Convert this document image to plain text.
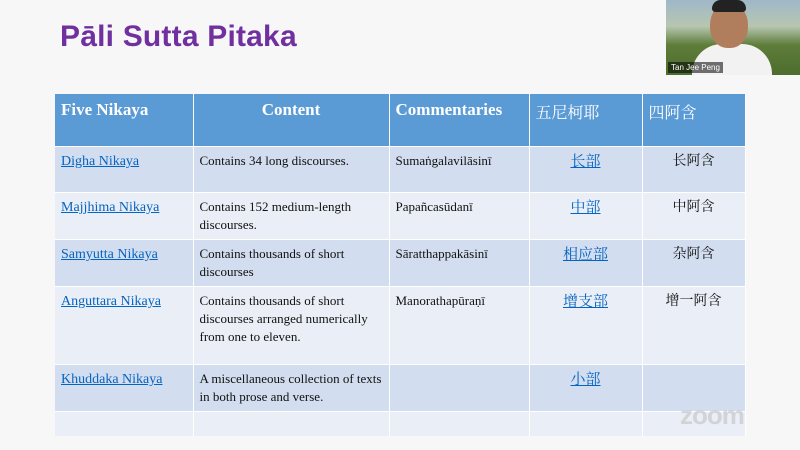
Pāli Sutta Pitaka
Five Nikaya	Content	Commentaries	五尼柯耶	四阿含
Digha Nikaya	Contains 34 long discourses.	Sumaṅgalavilāsinī	长部	长阿含
Majjhima Nikaya	Contains 152 medium-length discourses.	Papañcasūdanī	中部	中阿含
Samyutta Nikaya	Contains thousands of short discourses	Sāratthappakāsinī	相应部	杂阿含
Anguttara Nikaya	Contains thousands of short discourses arranged numerically from one to eleven.	Manorathapūraṇī	增支部	增一阿含
Khuddaka Nikaya	A miscellaneous collection of texts in both prose and verse.		小部	

zoom
Tan Jee Peng
